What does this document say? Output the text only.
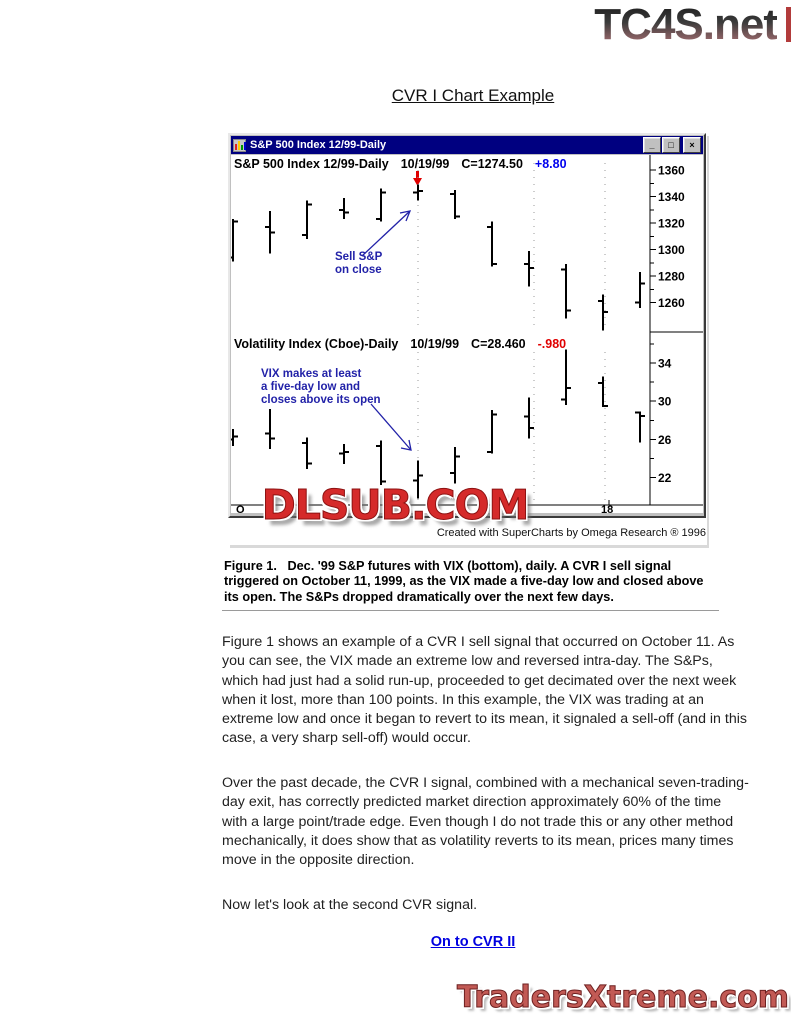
TC4S.net
CVR I Chart Example
S&P 500 Index 12/99-Daily	_	□	×
S&P 500 Index 12/99-Daily 10/19/99 C=1274.50 +8.80
Volatility Index (Cboe)-Daily 10/19/99 C=28.460 -.980
Sell S&P
on close
VIX makes at least
a five-day low and
closes above its open
O	18
1360
1340
1320
1300
1280
1260
34
30
26
22
DLSUB.COM
Created with SuperCharts by Omega Research ® 1996
Figure 1.   Dec. '99 S&P futures with VIX (bottom), daily. A CVR I sell signal triggered on October 11, 1999, as the VIX made a five-day low and closed above its open. The S&Ps dropped dramatically over the next few days.
Figure 1 shows an example of a CVR I sell signal that occurred on October 11. As you can see, the VIX made an extreme low and reversed intra-day. The S&Ps, which had just had a solid run-up, proceeded to get decimated over the next week when it lost, more than 100 points. In this example, the VIX was trading at an extreme low and once it began to revert to its mean, it signaled a sell-off (and in this case, a very sharp sell-off) would occur.
Over the past decade, the CVR I signal, combined with a mechanical seven-trading-day exit, has correctly predicted market direction approximately 60% of the time with a large point/trade edge. Even though I do not trade this or any other method mechanically, it does show that as volatility reverts to its mean, prices many times move in the opposite direction.
Now let's look at the second CVR signal.
On to CVR II
TradersXtreme.com
